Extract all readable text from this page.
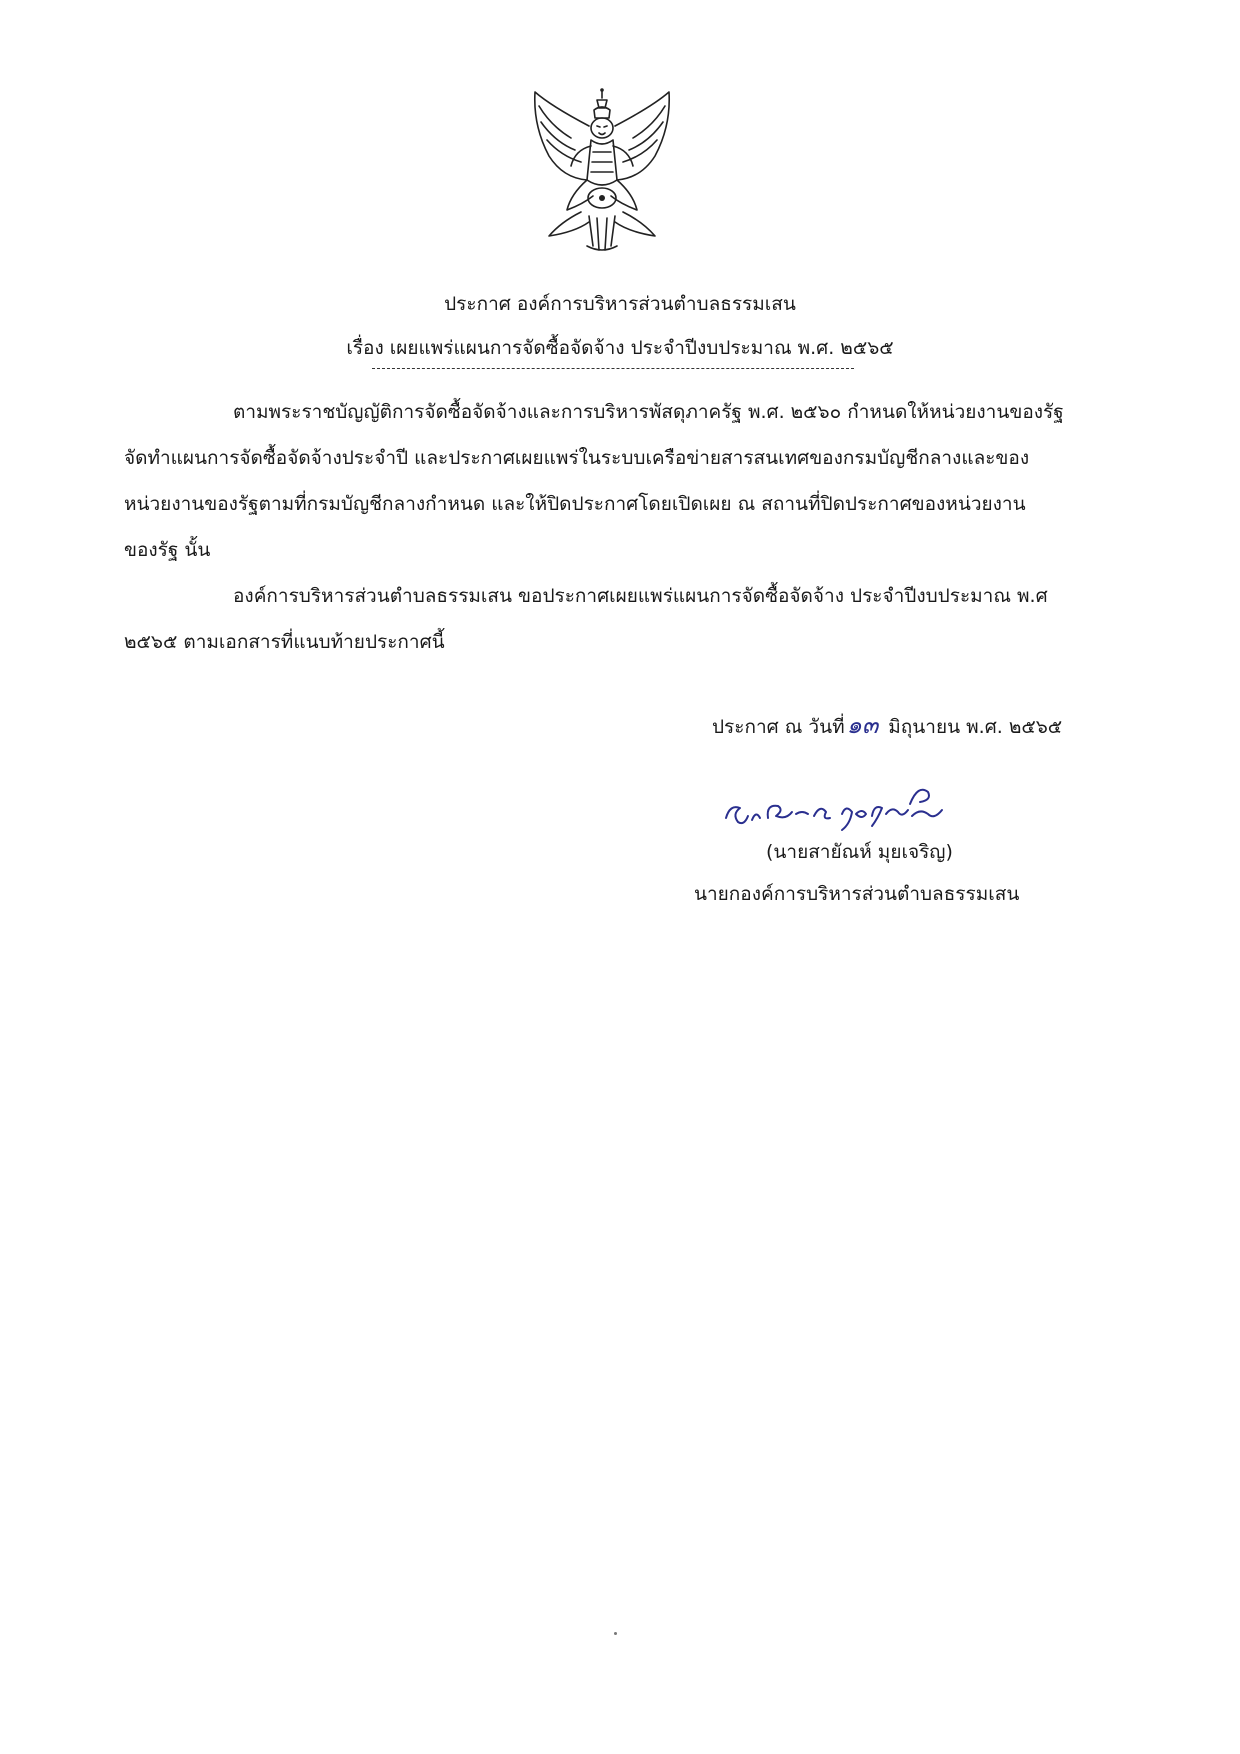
ประกาศ องค์การบริหารส่วนตำบลธรรมเสน
เรื่อง เผยแพร่แผนการจัดซื้อจัดจ้าง ประจำปีงบประมาณ พ.ศ. ๒๕๖๕
ตามพระราชบัญญัติการจัดซื้อจัดจ้างและการบริหารพัสดุภาครัฐ พ.ศ. ๒๕๖๐ กำหนดให้หน่วยงานของรัฐ
จัดทำแผนการจัดซื้อจัดจ้างประจำปี และประกาศเผยแพร่ในระบบเครือข่ายสารสนเทศของกรมบัญชีกลางและของ
หน่วยงานของรัฐตามที่กรมบัญชีกลางกำหนด และให้ปิดประกาศโดยเปิดเผย ณ สถานที่ปิดประกาศของหน่วยงาน
ของรัฐ นั้น
องค์การบริหารส่วนตำบลธรรมเสน ขอประกาศเผยแพร่แผนการจัดซื้อจัดจ้าง ประจำปีงบประมาณ พ.ศ
๒๕๖๕ ตามเอกสารที่แนบท้ายประกาศนี้
ประกาศ ณ วันที่๑๓ มิถุนายน พ.ศ. ๒๕๖๕
(นายสายัณห์ มุยเจริญ)
นายกองค์การบริหารส่วนตำบลธรรมเสน
